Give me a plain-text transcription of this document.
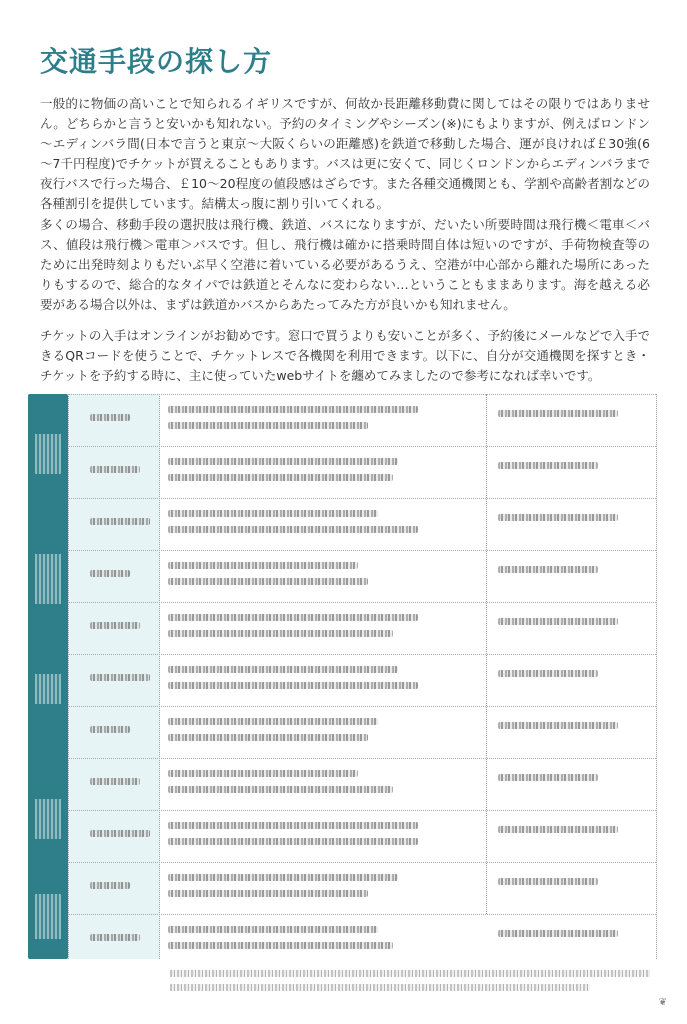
交通手段の探し方

一般的に物価の高いことで知られるイギリスですが、何故か長距離移動費に関してはその限りではありません。どちらかと言うと安いかも知れない。予約のタイミングやシーズン(※)にもよりますが、例えばロンドン～エディンバラ間(日本で言うと東京～大阪くらいの距離感)を鉄道で移動した場合、運が良ければ￡30強(6～7千円程度)でチケットが買えることもあります。バスは更に安くて、同じくロンドンからエディンバラまで夜行バスで行った場合、￡10～20程度の値段感はざらです。また各種交通機関とも、学割や高齢者割などの各種割引を提供しています。結構太っ腹に割り引いてくれる。

多くの場合、移動手段の選択肢は飛行機、鉄道、バスになりますが、だいたい所要時間は飛行機＜電車＜バス、値段は飛行機＞電車＞バスです。但し、飛行機は確かに搭乗時間自体は短いのですが、手荷物検査等のために出発時刻よりもだいぶ早く空港に着いている必要があるうえ、空港が中心部から離れた場所にあったりもするので、総合的なタイパでは鉄道とそんなに変わらない…ということもままあります。海を越える必要がある場合以外は、まずは鉄道かバスからあたってみた方が良いかも知れません。

チケットの入手はオンラインがお勧めです。窓口で買うよりも安いことが多く、予約後にメールなどで入手できるQRコードを使うことで、チケットレスで各機関を利用できます。以下に、自分が交通機関を探すとき・チケットを予約する時に、主に使っていたwebサイトを纏めてみましたので参考になれば幸いです。

❦
